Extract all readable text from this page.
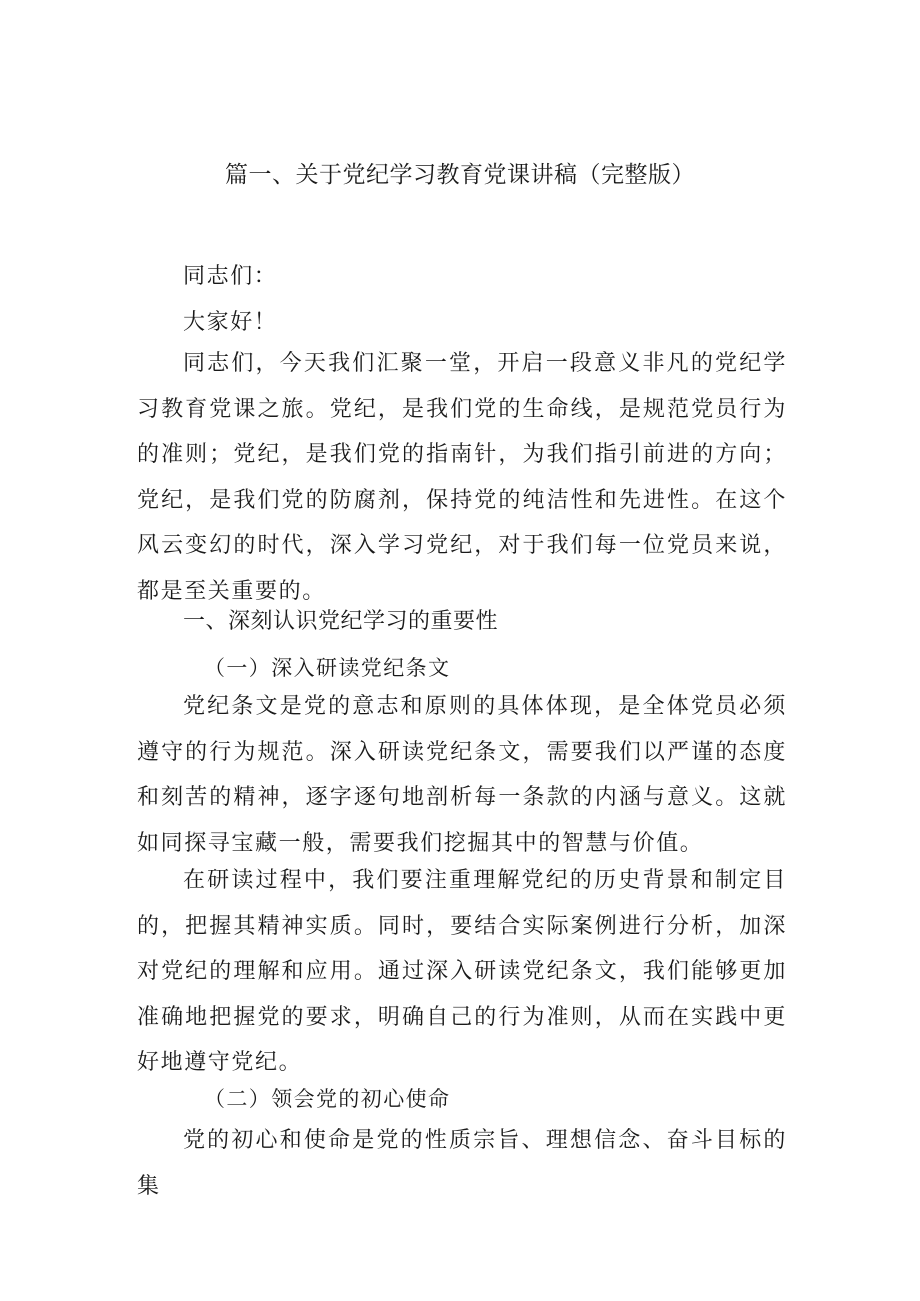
篇一、关于党纪学习教育党课讲稿（完整版）

同志们：

大家好！

同志们，今天我们汇聚一堂，开启一段意义非凡的党纪学习教育党课之旅。党纪，是我们党的生命线，是规范党员行为的准则；党纪，是我们党的指南针，为我们指引前进的方向；党纪，是我们党的防腐剂，保持党的纯洁性和先进性。在这个风云变幻的时代，深入学习党纪，对于我们每一位党员来说，都是至关重要的。

一、深刻认识党纪学习的重要性

（一）深入研读党纪条文

党纪条文是党的意志和原则的具体体现，是全体党员必须遵守的行为规范。深入研读党纪条文，需要我们以严谨的态度和刻苦的精神，逐字逐句地剖析每一条款的内涵与意义。这就如同探寻宝藏一般，需要我们挖掘其中的智慧与价值。

在研读过程中，我们要注重理解党纪的历史背景和制定目的，把握其精神实质。同时，要结合实际案例进行分析，加深对党纪的理解和应用。通过深入研读党纪条文，我们能够更加准确地把握党的要求，明确自己的行为准则，从而在实践中更好地遵守党纪。

（二）领会党的初心使命

党的初心和使命是党的性质宗旨、理想信念、奋斗目标的集
